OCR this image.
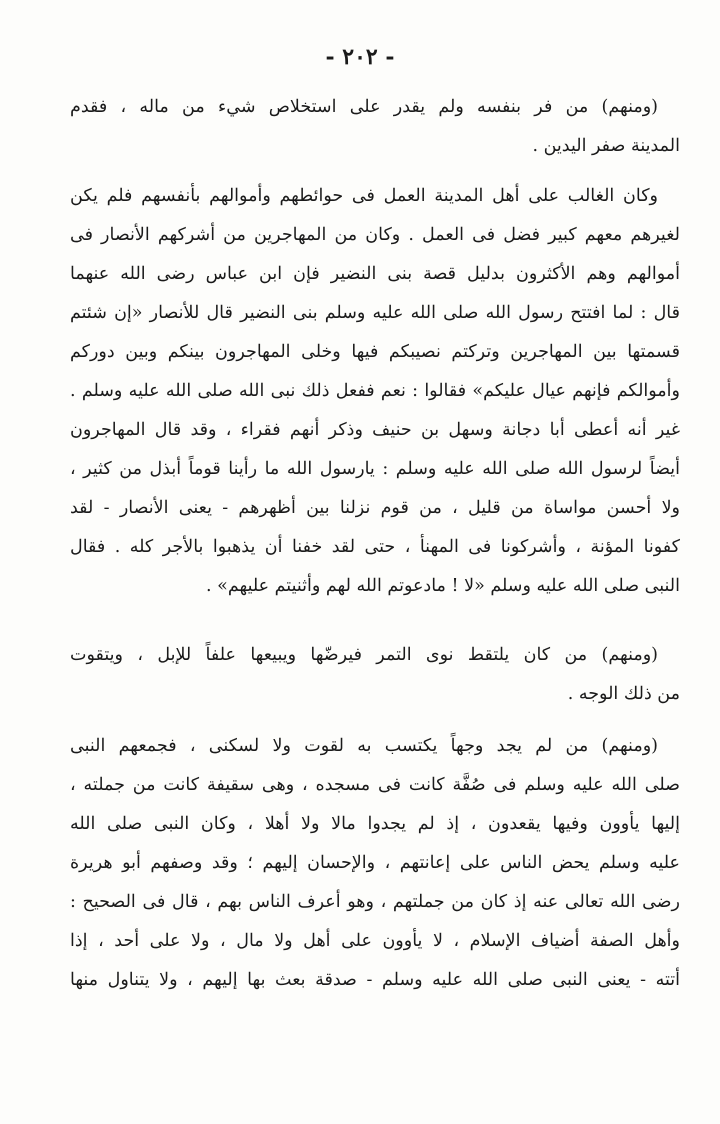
- ٢٠٢ -
(ومنهم) من فر بنفسه ولم يقدر على استخلاص شيء من ماله ، فقدم
المدينة صفر اليدين .
وكان الغالب على أهل المدينة العمل فى حوائطهم وأموالهم بأنفسهم فلم يكن
لغيرهم معهم كبير فضل فى العمل . وكان من المهاجرين من أشركهم الأنصار فى
أموالهم وهم الأكثرون بدليل قصة بنى النضير فإن ابن عباس رضى الله عنهما
قال : لما افتتح رسول الله صلى الله عليه وسلم بنى النضير قال للأنصار «إن شئتم
قسمتها بين المهاجرين وتركتم نصيبكم فيها وخلى المهاجرون بينكم وبين دوركم
وأموالكم فإنهم عيال عليكم» فقالوا : نعم ففعل ذلك نبى الله صلى الله عليه وسلم .
غير أنه أعطى أبا دجانة وسهل بن حنيف وذكر أنهم فقراء ، وقد قال المهاجرون
أيضاً لرسول الله صلى الله عليه وسلم : يارسول الله ما رأينا قوماً أبذل من كثير ،
ولا أحسن مواساة من قليل ، من قوم نزلنا بين أظهرهم - يعنى الأنصار - لقد
كفونا المؤنة ، وأشركونا فى المهنأ ، حتى لقد خفنا أن يذهبوا بالأجر كله . فقال
النبى صلى الله عليه وسلم «لا ! مادعوتم الله لهم وأثنيتم عليهم» .
(ومنهم) من كان يلتقط نوى التمر فيرضّها ويبيعها علفاً للإبل ، ويتقوت
من ذلك الوجه .
(ومنهم) من لم يجد وجهاً يكتسب به لقوت ولا لسكنى ، فجمعهم النبى
صلى الله عليه وسلم فى صُفَّة كانت فى مسجده ، وهى سقيفة كانت من جملته ،
إليها يأوون وفيها يقعدون ، إذ لم يجدوا مالا ولا أهلا ، وكان النبى صلى الله
عليه وسلم يحض الناس على إعانتهم ، والإحسان إليهم ؛ وقد وصفهم أبو هريرة
رضى الله تعالى عنه إذ كان من جملتهم ، وهو أعرف الناس بهم ، قال فى الصحيح :
وأهل الصفة أضياف الإسلام ، لا يأوون على أهل ولا مال ، ولا على أحد ، إذا
أتته - يعنى النبى صلى الله عليه وسلم - صدقة بعث بها إليهم ، ولا يتناول منها
